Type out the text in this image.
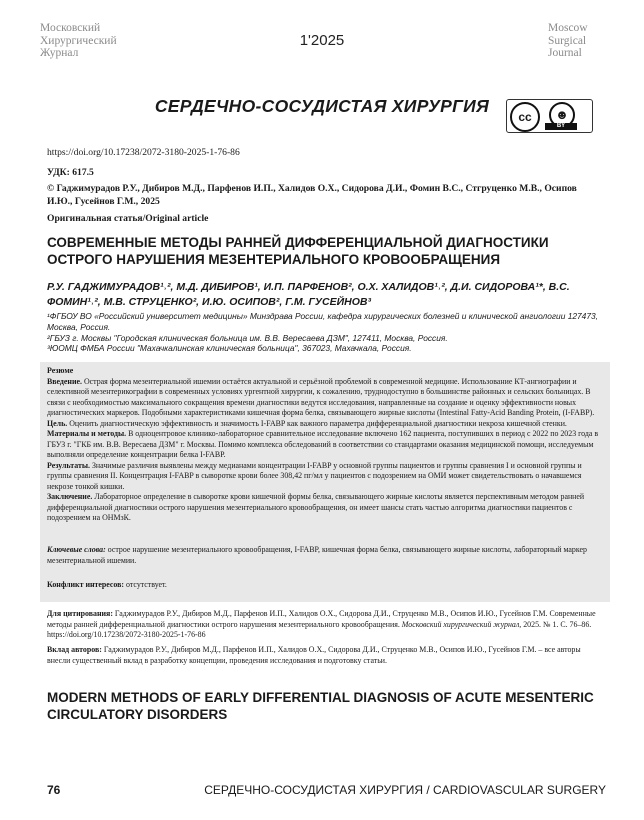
Московский
Хирургический
Журнал
1'2025
Moscow
Surgical
Journal
СЕРДЕЧНО-СОСУДИСТАЯ ХИРУРГИЯ
cc	☻
BY
https://doi.org/10.17238/2072-3180-2025-1-76-86
УДК: 617.5
© Гаджимурадов Р.У., Дибиров М.Д., Парфенов И.П., Халидов О.Х., Сидорова Д.И., Фомин В.С., Стгруценко М.В., Осипов И.Ю., Гусейнов Г.М., 2025
Оригинальная статья/Original article
СОВРЕМЕННЫЕ МЕТОДЫ РАННЕЙ ДИФФЕРЕНЦИАЛЬНОЙ ДИАГНОСТИКИ ОСТРОГО НАРУШЕНИЯ МЕЗЕНТЕРИАЛЬНОГО КРОВООБРАЩЕНИЯ
Р.У. ГАДЖИМУРАДОВ¹˒², М.Д. ДИБИРОВ¹, И.П. ПАРФЕНОВ², О.Х. ХАЛИДОВ¹˒², Д.И. СИДОРОВА¹*, В.С. ФОМИН¹˒², М.В. СТРУЦЕНКО², И.Ю. ОСИПОВ², Г.М. ГУСЕЙНОВ³
¹ФГБОУ ВО «Российский университет медицины» Минздрава России, кафедра хирургических болезней и клинической ангиологии 127473, Москва, Россия.
²ГБУЗ г. Москвы "Городская клиническая больница им. В.В. Вересаева ДЗМ", 127411, Москва, Россия.
³ЮОМЦ ФМБА России "Махачкалинская клиническая больница", 367023, Махачкала, Россия.

Резюме

Введение. Острая форма мезентериальной ишемии остаётся актуальной и серьёзной проблемой в современной медицине. Использование КТ-ангиографии и селективной мезентерикографии в современных условиях ургентной хирургии, к сожалению, труднодоступно в большинстве районных и сельских больницах. В связи с необходимостью максимального сокращения времени диагностики ведутся исследования, направленные на создание и оценку эффективности новых диагностических маркеров. Подобными характеристиками кишечная форма белка, связывающего жирные кислоты (Intestinal Fatty-Acid Banding Protein, (I-FABP).

Цель. Оценить диагностическую эффективность и значимость I-FABP как важного параметра дифференциальной диагностики некроза кишечной стенки.

Материалы и методы. В одноцентровое клинико-лабораторное сравнительное исследование включено 162 пациента, поступивших в период с 2022 по 2023 года в ГБУЗ г. "ГКБ им. В.В. Вересаева ДЗМ" г. Москвы. Помимо комплекса обследований в соответствии со стандартами оказания медицинской помощи, исследуемым выполняли определение концентрации белка I-FABP.

Результаты. Значимые различия выявлены между медианами концентрации I-FABP у основной группы пациентов и группы сравнения I и основной группы и группы сравнения II. Концентрация I-FABP в сыворотке крови более 308,42 пг/мл у пациентов с подозрением на ОМИ может свидетельствовать о начавшемся некрозе тонкой кишки.

Заключение. Лабораторное определение в сыворотке крови кишечной формы белка, связывающего жирные кислоты является перспективным методом ранней дифференциальной диагностики острого нарушения мезентериального кровообращения, он имеет шансы стать частью алгоритма диагностики пациентов с подозрением на ОНМзК.

Ключевые слова: острое нарушение мезентериального кровообращения, I-FABP, кишечная форма белка, связывающего жирные кислоты, лабораторный маркер мезентериальной ишемии.
Конфликт интересов: отсутствует.
Для цитирования: Гаджимурадов Р.У., Дибиров М.Д., Парфенов И.П., Халидов О.Х., Сидорова Д.И., Струценко М.В., Осипов И.Ю., Гусейнов Г.М. Современные методы ранней дифференциальной диагностики острого нарушения мезентериального кровообращения. Московский хирургический журнал, 2025. № 1. С. 76–86. https://doi.org/10.17238/2072-3180-2025-1-76-86
Вклад авторов: Гаджимурадов Р.У., Дибиров М.Д., Парфенов И.П., Халидов О.Х., Сидорова Д.И., Струценко М.В., Осипов И.Ю., Гусейнов Г.М. – все авторы внесли существенный вклад в разработку концепции, проведения исследования и подготовку статьи.
MODERN METHODS OF EARLY DIFFERENTIAL DIAGNOSIS OF ACUTE MESENTERIC CIRCULATORY DISORDERS
76	СЕРДЕЧНО-СОСУДИСТАЯ ХИРУРГИЯ / CARDIOVASCULAR SURGERY
